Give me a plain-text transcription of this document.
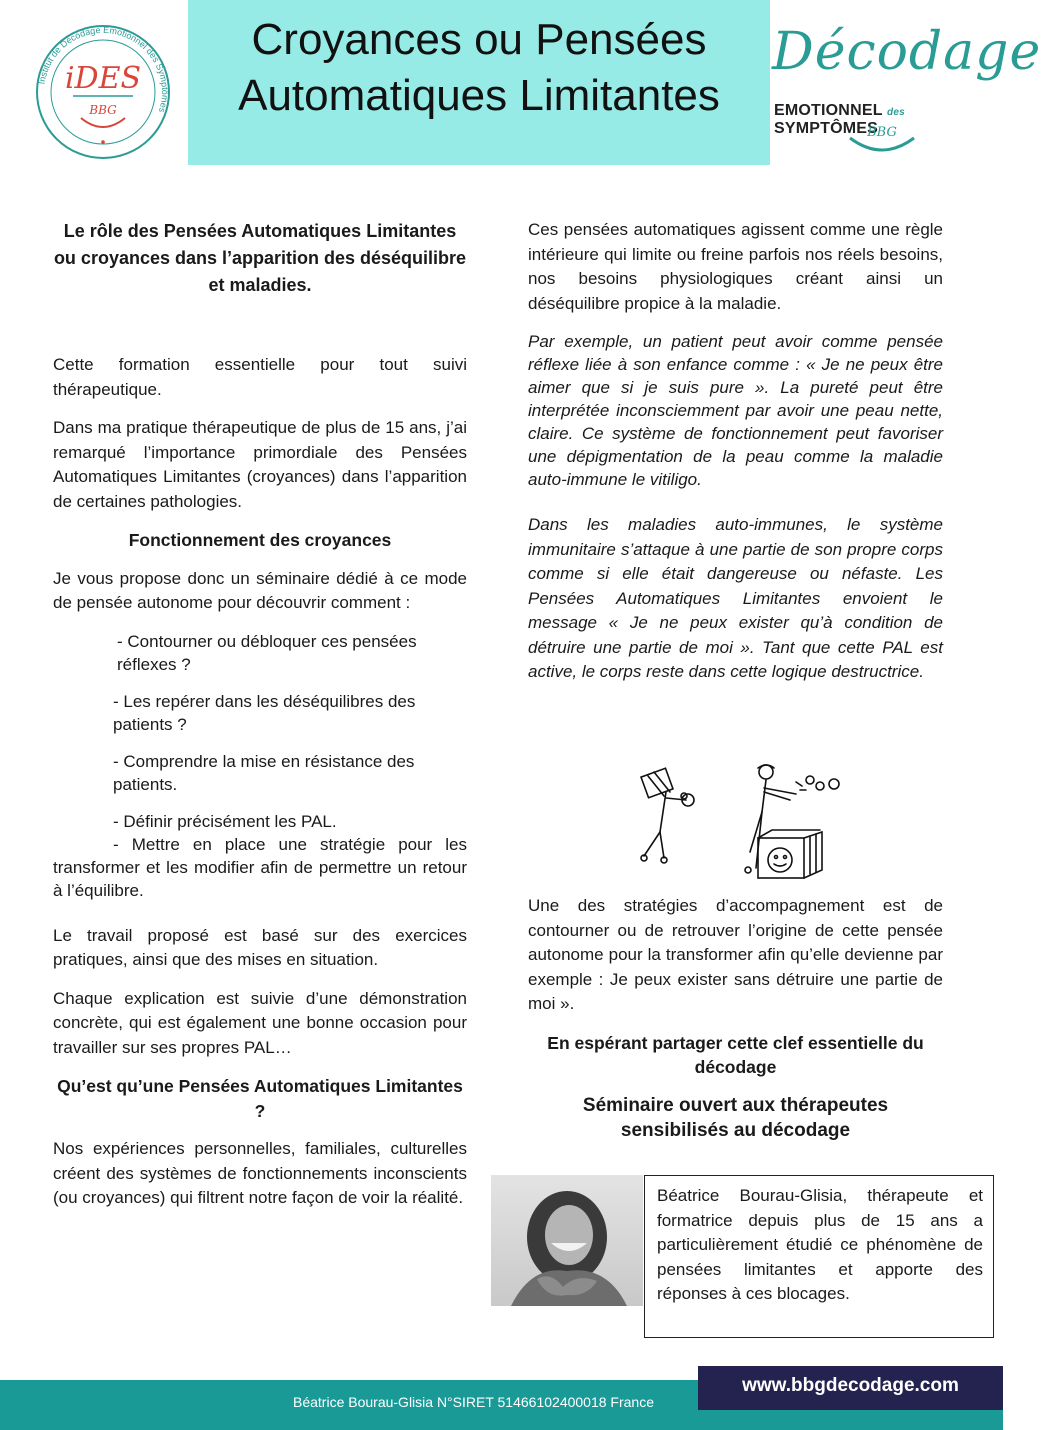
Croyances ou Pensées
Automatiques Limitantes
Institut de Décodage Emotionnel des Symptômes
iDES
BBG
Décodage
EMOTIONNEL des SYMPTÔMES
BBG

Le rôle des Pensées Automatiques Limitantes ou croyances dans l’apparition des déséquilibre et maladies.

Cette formation essentielle pour tout suivi thérapeutique.

Dans ma pratique thérapeutique de plus de 15 ans, j’ai remarqué l’importance primordiale des Pensées Automatiques Limitantes (croyances) dans l’apparition de certaines pathologies.

Fonctionnement des croyances

Je vous propose donc un séminaire dédié à ce mode de pensée autonome pour découvrir comment :

- Contourner ou débloquer ces pensées réflexes ?

- Les repérer dans les déséquilibres des patients ?

- Comprendre la mise en résistance des patients.

- Définir précisément les PAL.

- Mettre en place une stratégie pour les transformer et les modifier afin de permettre un retour à l’équilibre.

Le travail proposé est basé sur des exercices pratiques, ainsi que des mises en situation.

Chaque explication est suivie d’une démonstration concrète, qui est également une bonne occasion pour travailler sur ses propres PAL…

Qu’est qu’une Pensées Automatiques Limitantes ?

Nos expériences personnelles, familiales, culturelles créent des systèmes de fonctionnements inconscients (ou croyances) qui filtrent notre façon de voir la réalité.

Ces pensées automatiques agissent comme une règle intérieure qui limite ou freine parfois nos réels besoins, nos besoins physiologiques créant ainsi un déséquilibre propice à la maladie.

Par exemple, un patient peut avoir comme pensée réflexe liée à son enfance comme : « Je ne peux être aimer que si je suis pure ». La pureté peut être interprétée inconsciemment par avoir une peau nette, claire. Ce système de fonctionnement peut favoriser une dépigmentation de la peau comme la maladie auto-immune le vitiligo.

Dans les maladies auto-immunes, le système immunitaire s’attaque à une partie de son propre corps comme si elle était dangereuse ou néfaste. Les Pensées Automatiques Limitantes envoient le message « Je ne peux exister qu’à condition de détruire une partie de moi ». Tant que cette PAL est active, le corps reste dans cette logique destructrice.

Une des stratégies d’accompagnement est de contourner ou de retrouver l’origine de cette pensée autonome pour la transformer afin qu’elle devienne par exemple : Je peux exister sans détruire une partie de moi ».

En espérant partager cette clef essentielle du décodage

Séminaire ouvert aux thérapeutes sensibilisés au décodage

Béatrice Bourau-Glisia, thérapeute et formatrice depuis plus de 15 ans a particulièrement étudié ce phénomène de pensées limitantes et apporte des réponses à ces blocages.
Béatrice Bourau-Glisia N°SIRET 51466102400018 France
www.bbgdecodage.com
